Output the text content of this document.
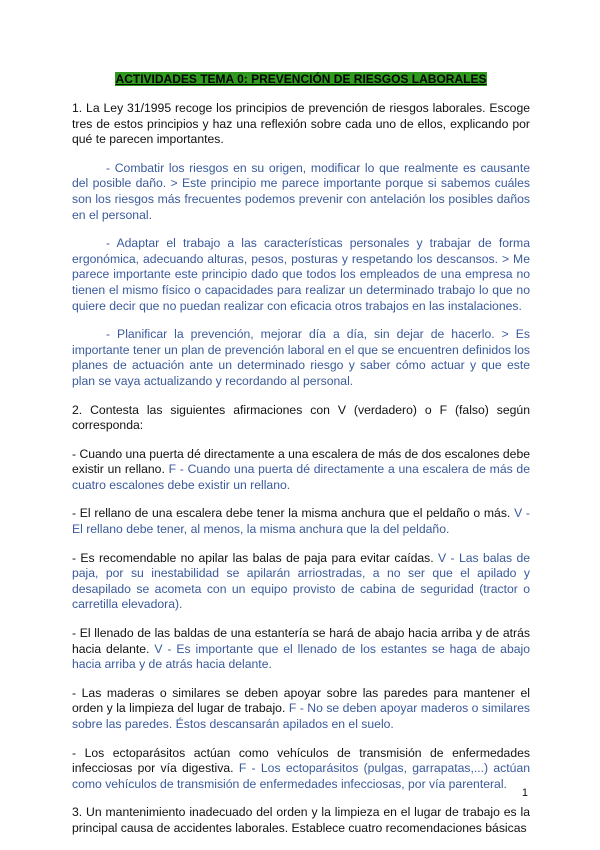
ACTIVIDADES TEMA 0: PREVENCIÓN DE RIESGOS LABORALES

1. La Ley 31/1995 recoge los principios de prevención de riesgos laborales. Escoge tres de estos principios y haz una reflexión sobre cada uno de ellos, explicando por qué te parecen importantes.

- Combatir los riesgos en su origen, modificar lo que realmente es causante del posible daño. > Este principio me parece importante porque si sabemos cuáles son los riesgos más frecuentes podemos prevenir con antelación los posibles daños en el personal.

- Adaptar el trabajo a las características personales y trabajar de forma ergonómica, adecuando alturas, pesos, posturas y respetando los descansos. > Me parece importante este principio dado que todos los empleados de una empresa no tienen el mismo físico o capacidades para realizar un determinado trabajo lo que no quiere decir que no puedan realizar con eficacia otros trabajos en las instalaciones.

- Planificar la prevención, mejorar día a día, sin dejar de hacerlo. > Es importante tener un plan de prevención laboral en el que se encuentren definidos los planes de actuación ante un determinado riesgo y saber cómo actuar y que este plan se vaya actualizando y recordando al personal.

2. Contesta las siguientes afirmaciones con V (verdadero) o F (falso) según corresponda:

- Cuando una puerta dé directamente a una escalera de más de dos escalones debe existir un rellano. F - Cuando una puerta dé directamente a una escalera de más de cuatro escalones debe existir un rellano.

- El rellano de una escalera debe tener la misma anchura que el peldaño o más. V - El rellano debe tener, al menos, la misma anchura que la del peldaño.

- Es recomendable no apilar las balas de paja para evitar caídas. V - Las balas de paja, por su inestabilidad se apilarán arriostradas, a no ser que el apilado y desapilado se acometa con un equipo provisto de cabina de seguridad (tractor o carretilla elevadora).

- El llenado de las baldas de una estantería se hará de abajo hacia arriba y de atrás hacia delante. V - Es importante que el llenado de los estantes se haga de abajo hacia arriba y de atrás hacia delante.

- Las maderas o similares se deben apoyar sobre las paredes para mantener el orden y la limpieza del lugar de trabajo. F - No se deben apoyar maderos o similares sobre las paredes. Éstos descansarán apilados en el suelo.

- Los ectoparásitos actúan como vehículos de transmisión de enfermedades infecciosas por vía digestiva. F - Los ectoparásitos (pulgas, garrapatas,...) actúan como vehículos de transmisión de enfermedades infecciosas, por vía parenteral.

3. Un mantenimiento inadecuado del orden y la limpieza en el lugar de trabajo es la principal causa de accidentes laborales. Establece cuatro recomendaciones básicas

1
